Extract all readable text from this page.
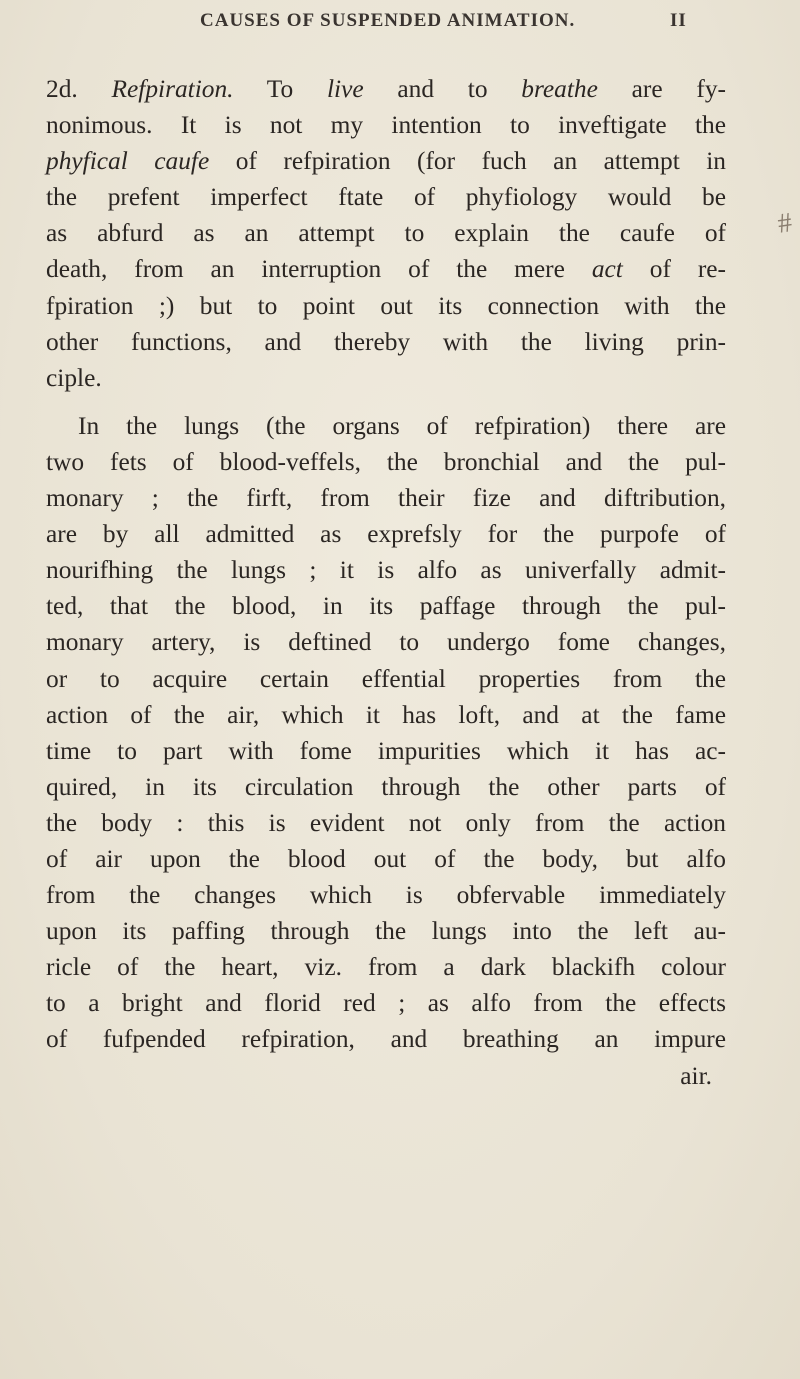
CAUSES OF SUSPENDED ANIMATION.	II
#
2d. Refpiration. To live and to breathe are fy-
nonimous. It is not my intention to inveftigate the
phyfical caufe of refpiration (for fuch an attempt in
the prefent imperfect ftate of phyfiology would be
as abfurd as an attempt to explain the caufe of
death, from an interruption of the mere act of re-
fpiration ;) but to point out its connection with the
other functions, and thereby with the living prin-
ciple.
In the lungs (the organs of refpiration) there are
two fets of blood-veffels, the bronchial and the pul-
monary ; the firft, from their fize and diftribution,
are by all admitted as exprefsly for the purpofe of
nourifhing the lungs ; it is alfo as univerfally admit-
ted, that the blood, in its paffage through the pul-
monary artery, is deftined to undergo fome changes,
or to acquire certain effential properties from the
action of the air, which it has loft, and at the fame
time to part with fome impurities which it has ac-
quired, in its circulation through the other parts of
the body : this is evident not only from the action
of air upon the blood out of the body, but alfo
from the changes which is obfervable immediately
upon its paffing through the lungs into the left au-
ricle of the heart, viz. from a dark blackifh colour
to a bright and florid red ; as alfo from the effects
of fufpended refpiration, and breathing an impure
air.
